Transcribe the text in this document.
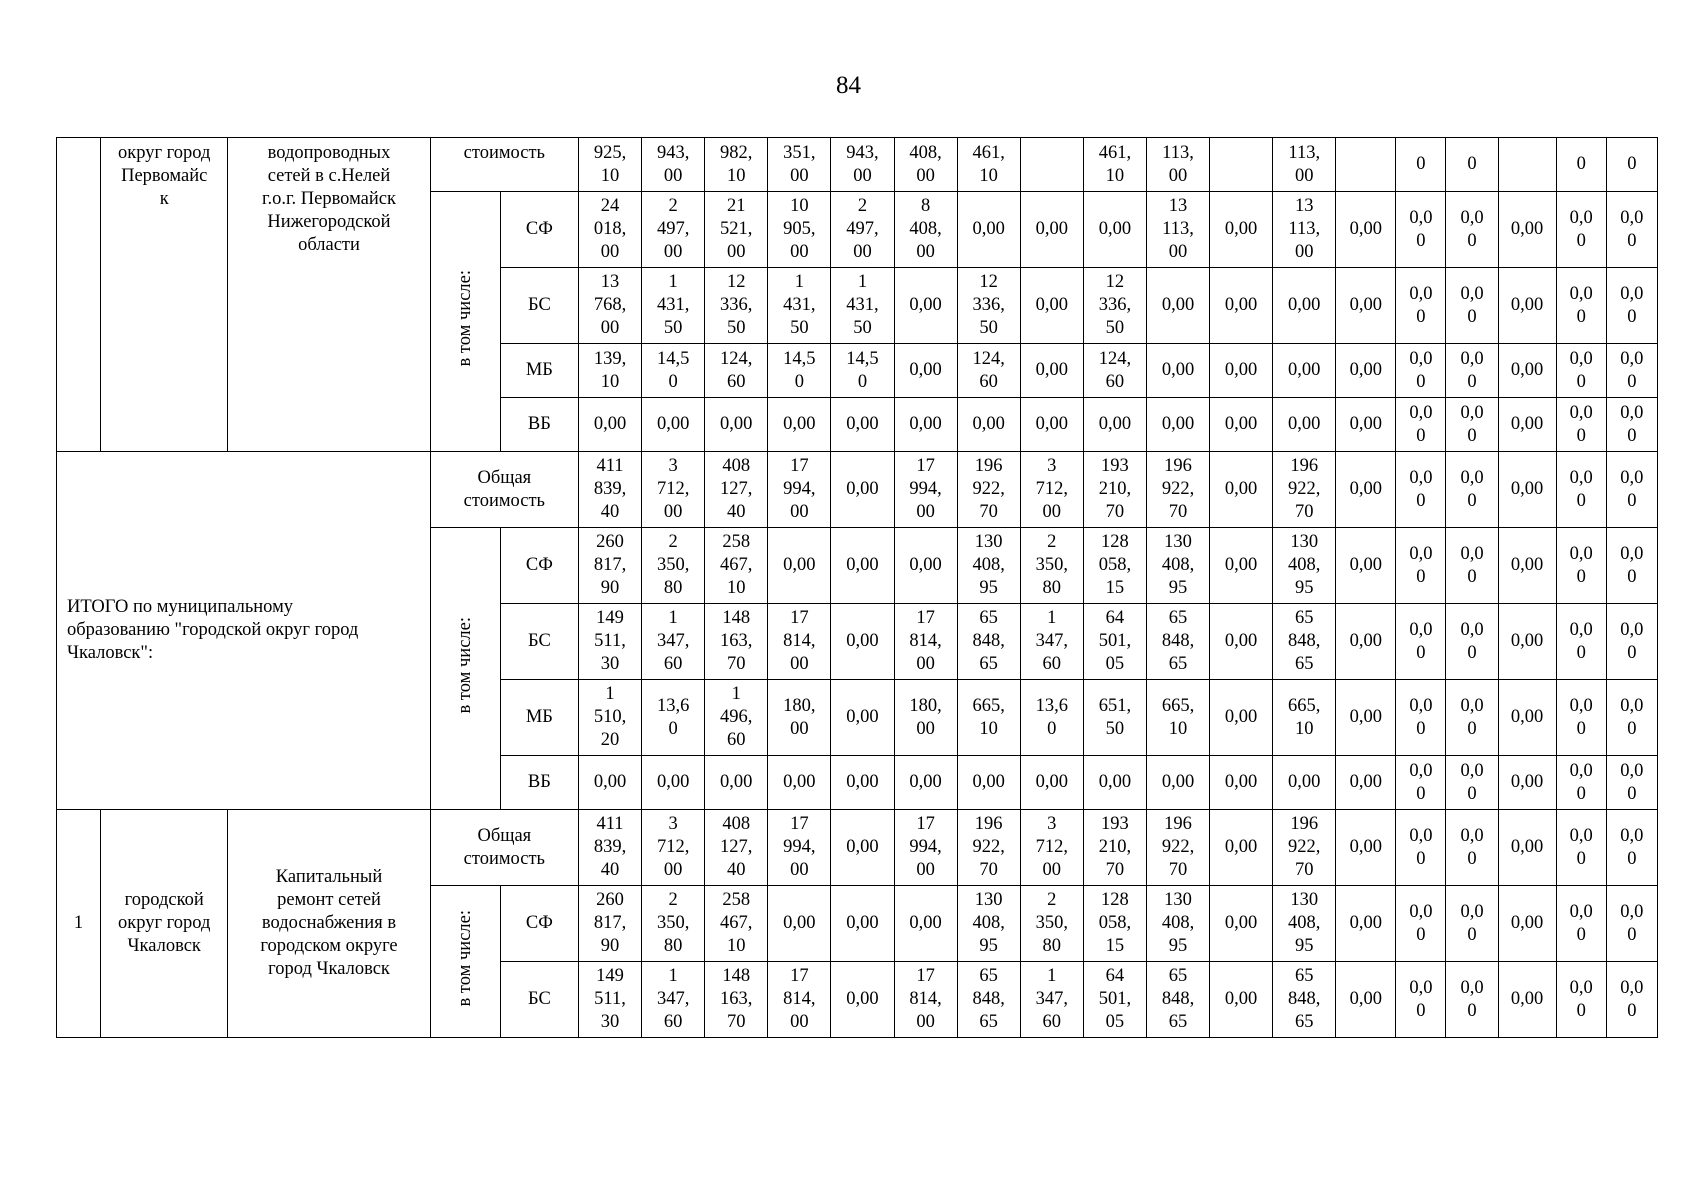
84
	округ город
Первомайс
к	водопроводных
сетей в с.Нелей
г.о.г. Первомайск
Нижегородской
области	стоимость		925,
10	943,
00	982,
10	351,
00	943,
00	408,
00	461,
10		461,
10	113,
00		113,
00		0	0		0	0
			в том числе:	СФ	24
018,
00	2
497,
00	21
521,
00	10
905,
00	2
497,
00	8
408,
00	0,00	0,00	0,00	13
113,
00	0,00	13
113,
00	0,00	0,0
0	0,0
0	0,00	0,0
0	0,0
0
				БС	13
768,
00	1
431,
50	12
336,
50	1
431,
50	1
431,
50	0,00	12
336,
50	0,00	12
336,
50	0,00	0,00	0,00	0,00	0,0
0	0,0
0	0,00	0,0
0	0,0
0
				МБ	139,
10	14,5
0	124,
60	14,5
0	14,5
0	0,00	124,
60	0,00	124,
60	0,00	0,00	0,00	0,00	0,0
0	0,0
0	0,00	0,0
0	0,0
0
				ВБ	0,00	0,00	0,00	0,00	0,00	0,00	0,00	0,00	0,00	0,00	0,00	0,00	0,00	0,0
0	0,0
0	0,00	0,0
0	0,0
0
ИТОГО по муниципальному
образованию "городской округ город
Чкаловск":			Общая
стоимость		411
839,
40	3
712,
00	408
127,
40	17
994,
00	0,00	17
994,
00	196
922,
70	3
712,
00	193
210,
70	196
922,
70	0,00	196
922,
70	0,00	0,0
0	0,0
0	0,00	0,0
0	0,0
0
			в том числе:	СФ	260
817,
90	2
350,
80	258
467,
10	0,00	0,00	0,00	130
408,
95	2
350,
80	128
058,
15	130
408,
95	0,00	130
408,
95	0,00	0,0
0	0,0
0	0,00	0,0
0	0,0
0
				БС	149
511,
30	1
347,
60	148
163,
70	17
814,
00	0,00	17
814,
00	65
848,
65	1
347,
60	64
501,
05	65
848,
65	0,00	65
848,
65	0,00	0,0
0	0,0
0	0,00	0,0
0	0,0
0
				МБ	1
510,
20	13,6
0	1
496,
60	180,
00	0,00	180,
00	665,
10	13,6
0	651,
50	665,
10	0,00	665,
10	0,00	0,0
0	0,0
0	0,00	0,0
0	0,0
0
				ВБ	0,00	0,00	0,00	0,00	0,00	0,00	0,00	0,00	0,00	0,00	0,00	0,00	0,00	0,0
0	0,0
0	0,00	0,0
0	0,0
0
1	городской
округ город
Чкаловск	Капитальный
ремонт сетей
водоснабжения в
городском округе
город Чкаловск	Общая
стоимость		411
839,
40	3
712,
00	408
127,
40	17
994,
00	0,00	17
994,
00	196
922,
70	3
712,
00	193
210,
70	196
922,
70	0,00	196
922,
70	0,00	0,0
0	0,0
0	0,00	0,0
0	0,0
0
			в том числе:	СФ	260
817,
90	2
350,
80	258
467,
10	0,00	0,00	0,00	130
408,
95	2
350,
80	128
058,
15	130
408,
95	0,00	130
408,
95	0,00	0,0
0	0,0
0	0,00	0,0
0	0,0
0
				БС	149
511,
30	1
347,
60	148
163,
70	17
814,
00	0,00	17
814,
00	65
848,
65	1
347,
60	64
501,
05	65
848,
65	0,00	65
848,
65	0,00	0,0
0	0,0
0	0,00	0,0
0	0,0
0
